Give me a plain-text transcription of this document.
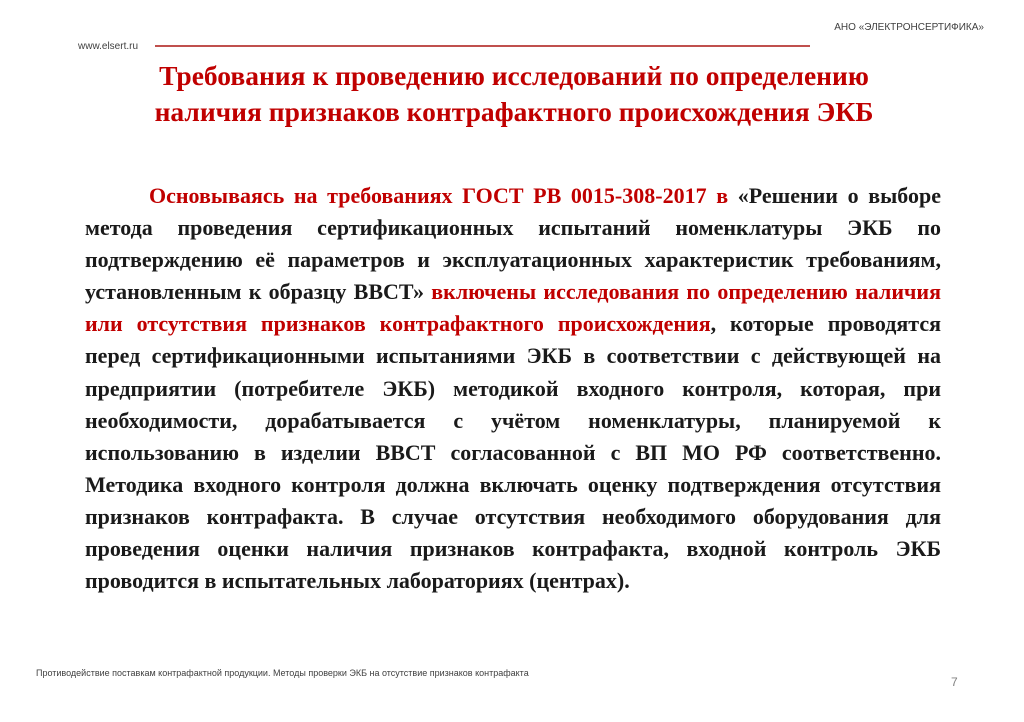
АНО «ЭЛЕКТРОНСЕРТИФИКА»
www.elsert.ru
Требования к проведению исследований по определению
наличия признаков контрафактного происхождения ЭКБ

Основываясь на требованиях ГОСТ РВ 0015-308-2017 в «Решении о выборе метода проведения сертификационных испытаний номенклатуры ЭКБ по подтверждению её параметров и эксплуатационных характеристик требованиям, установленным к образцу ВВСТ» включены исследования по определению наличия или отсутствия признаков контрафактного происхождения, которые проводятся перед сертификационными испытаниями ЭКБ в соответствии с действующей на предприятии (потребителе ЭКБ) методикой входного контроля, которая, при необходимости, дорабатывается с учётом номенклатуры, планируемой к использованию в изделии ВВСТ согласованной с ВП МО РФ соответственно. Методика входного контроля должна включать оценку подтверждения отсутствия признаков контрафакта. В случае отсутствия необходимого оборудования для проведения оценки наличия признаков контрафакта, входной контроль ЭКБ проводится в испытательных лабораториях (центрах).

Противодействие поставкам контрафактной продукции. Методы проверки ЭКБ на отсутствие признаков контрафакта
7
